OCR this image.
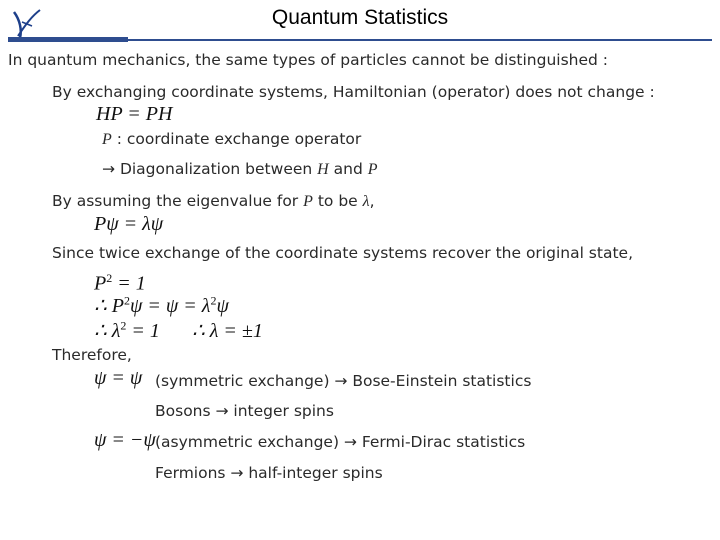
Quantum Statistics
In quantum mechanics, the same types of particles cannot be distinguished :
By exchanging coordinate systems, Hamiltonian (operator) does not change :
HP = PH
P : coordinate exchange operator
→ Diagonalization between H and P
By assuming the eigenvalue for P to be λ,
Pψ = λψ
Since twice exchange of the coordinate systems recover the original state,
$P^2 = 1$
∴ $P^2\psi = \psi = \lambda^2\psi$
∴ $\lambda^2 = 1$ ∴ λ = ±1
Therefore,
ψ = ψ (symmetric exchange) → Bose-Einstein statistics
Bosons → integer spins
ψ = −ψ (asymmetric exchange) → Fermi-Dirac statistics
Fermions → half-integer spins
